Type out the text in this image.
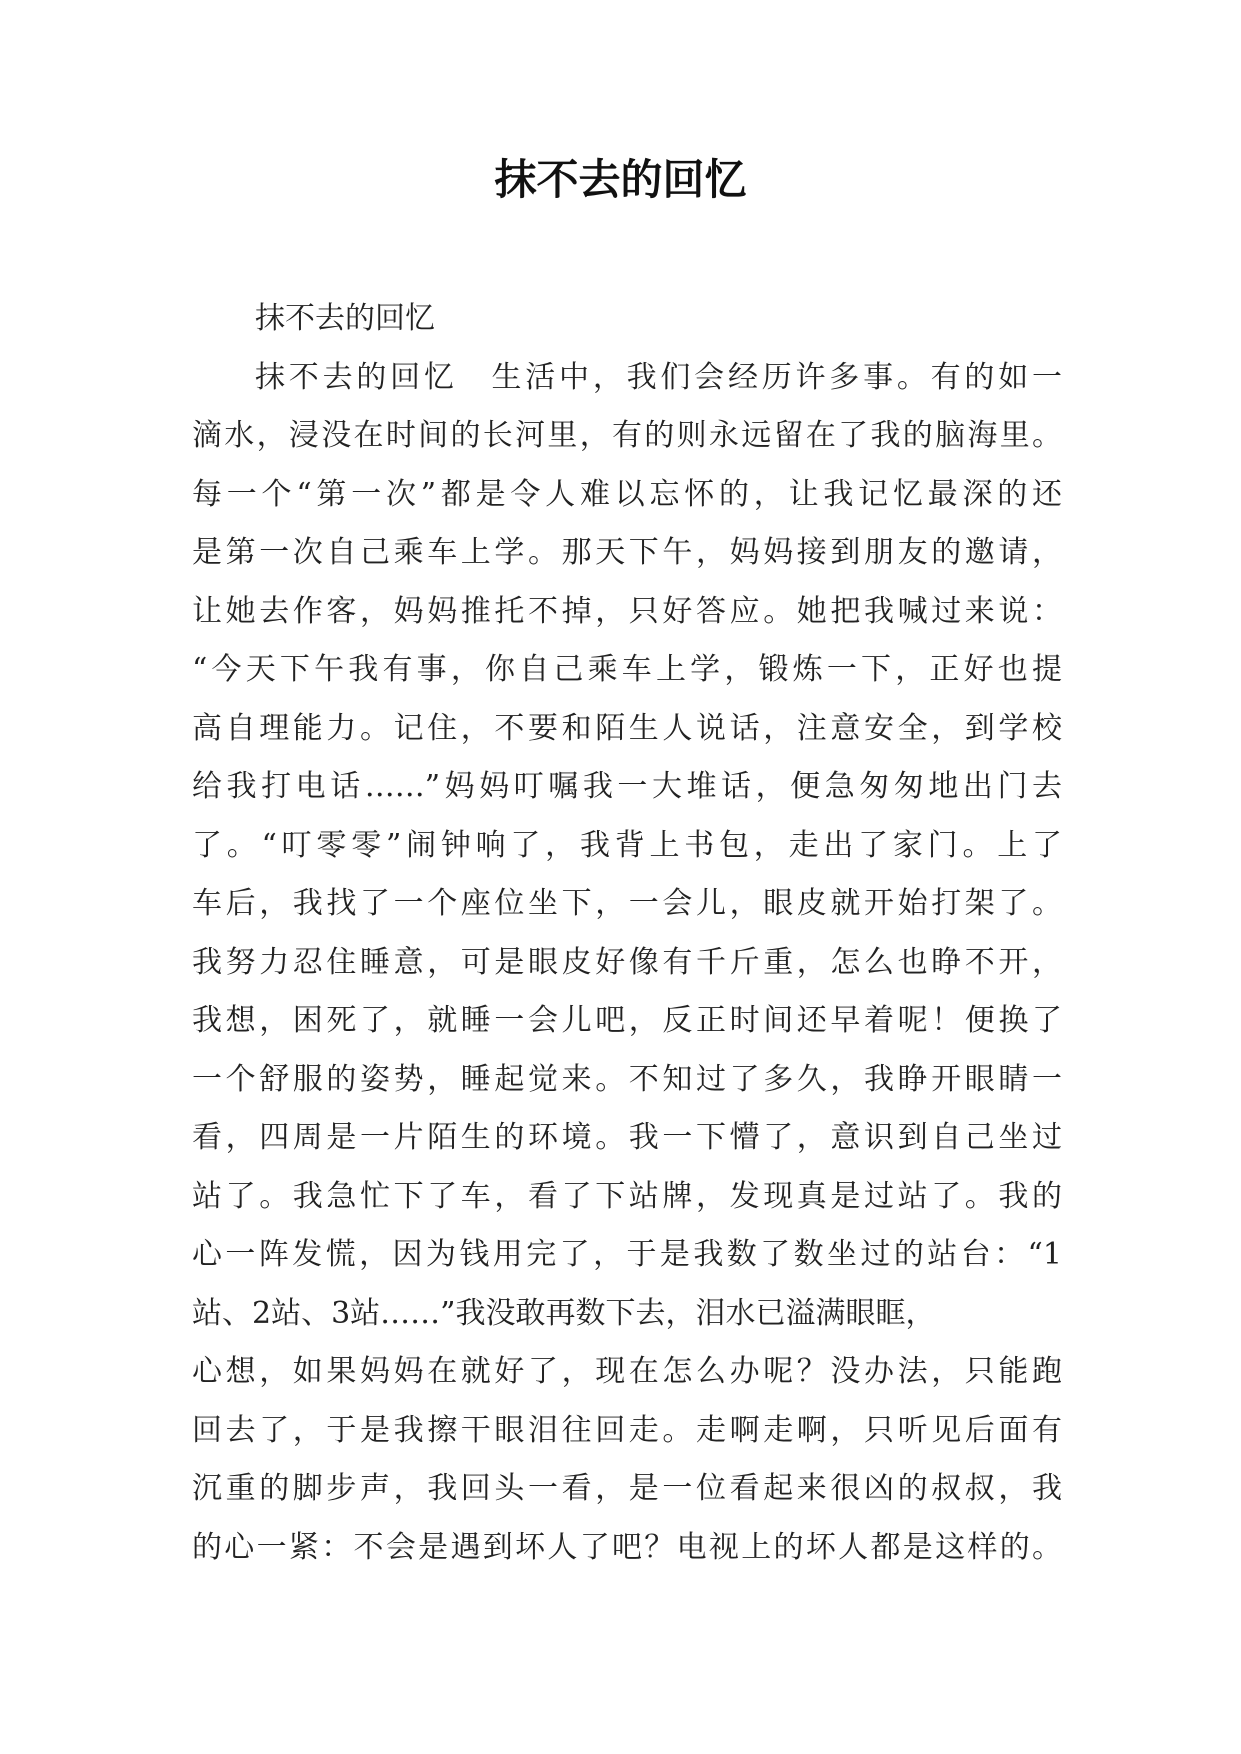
抹不去的回忆
抹不去的回忆
抹不去的回忆　生活中，我们会经历许多事。有的如一
滴水，浸没在时间的长河里，有的则永远留在了我的脑海里。
每一个“第一次”都是令人难以忘怀的，让我记忆最深的还
是第一次自己乘车上学。那天下午，妈妈接到朋友的邀请，
让她去作客，妈妈推托不掉，只好答应。她把我喊过来说：
“今天下午我有事，你自己乘车上学，锻炼一下，正好也提
高自理能力。记住，不要和陌生人说话，注意安全，到学校
给我打电话……”妈妈叮嘱我一大堆话，便急匆匆地出门去
了。“叮零零”闹钟响了，我背上书包，走出了家门。上了
车后，我找了一个座位坐下，一会儿，眼皮就开始打架了。
我努力忍住睡意，可是眼皮好像有千斤重，怎么也睁不开，
我想，困死了，就睡一会儿吧，反正时间还早着呢！便换了
一个舒服的姿势，睡起觉来。不知过了多久，我睁开眼睛一
看，四周是一片陌生的环境。我一下懵了，意识到自己坐过
站了。我急忙下了车，看了下站牌，发现真是过站了。我的
心一阵发慌，因为钱用完了，于是我数了数坐过的站台：“1
站、2站、3站……”我没敢再数下去，泪水已溢满眼眶，
心想，如果妈妈在就好了，现在怎么办呢？没办法，只能跑
回去了，于是我擦干眼泪往回走。走啊走啊，只听见后面有
沉重的脚步声，我回头一看，是一位看起来很凶的叔叔，我
的心一紧：不会是遇到坏人了吧？电视上的坏人都是这样的。
